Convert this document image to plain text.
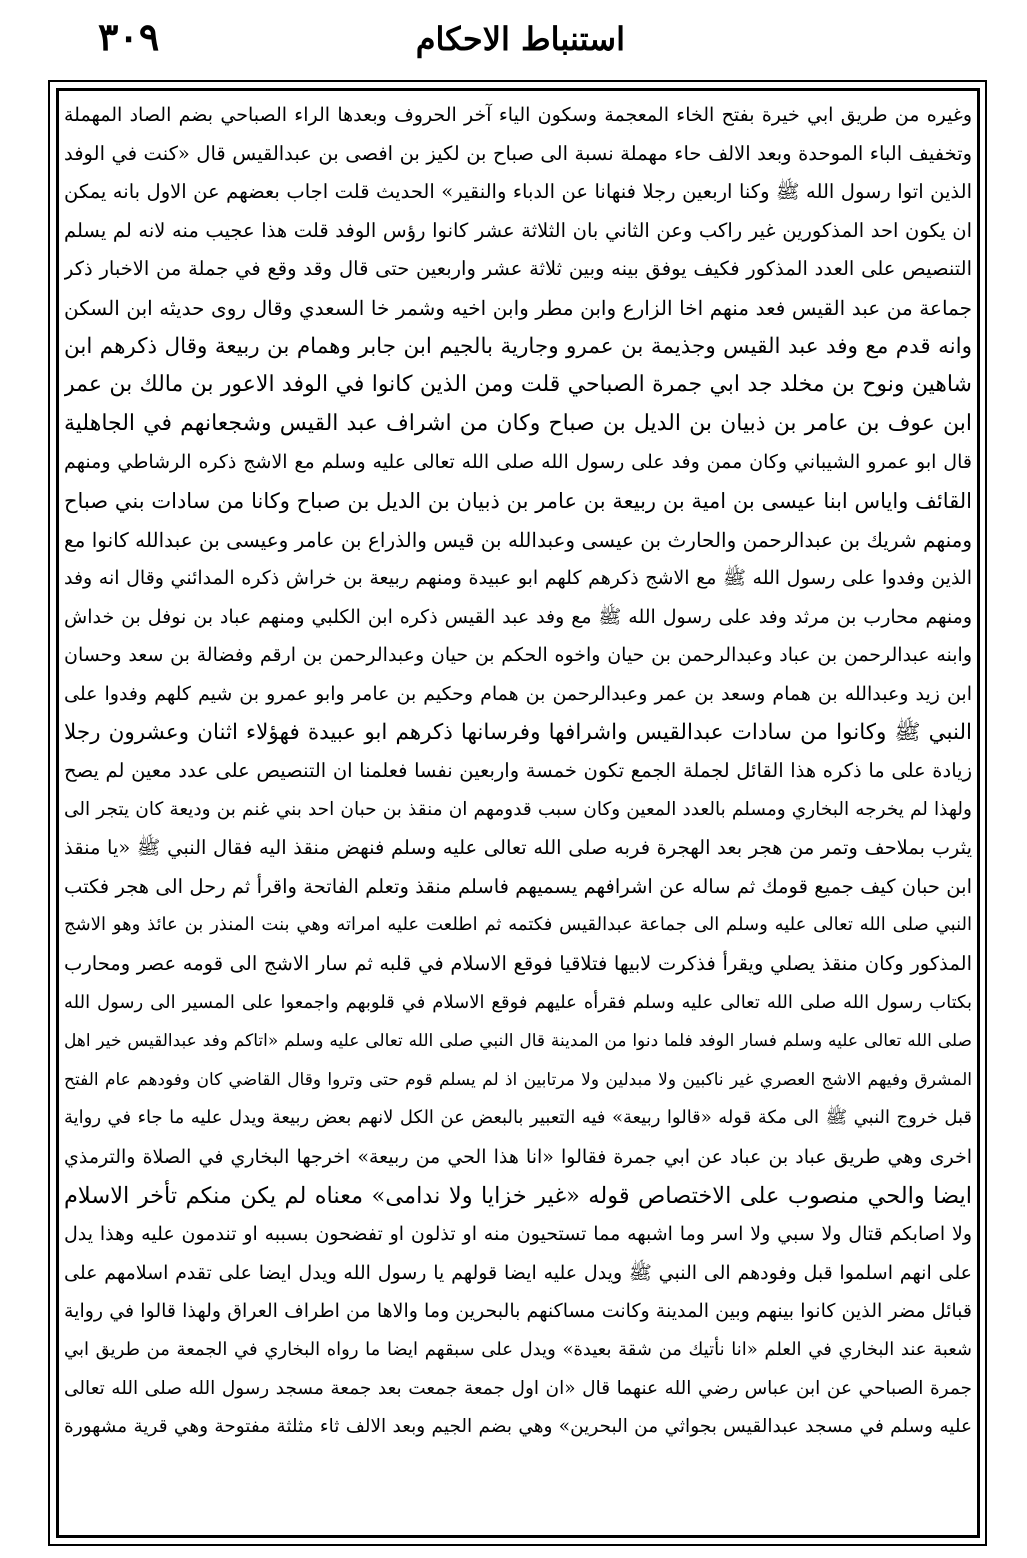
استنباط الاحكام
٣٠٩
وغيره من طريق ابي خيرة بفتح الخاء المعجمة وسكون الياء آخر الحروف وبعدها الراء الصباحي بضم الصاد المهملة
وتخفيف الباء الموحدة وبعد الالف حاء مهملة نسبة الى صباح بن لكيز بن افصى بن عبدالقيس قال «كنت في الوفد
الذين اتوا رسول الله ﷺ وكنا اربعين رجلا فنهانا عن الدباء والنقير» الحديث قلت اجاب بعضهم عن الاول بانه يمكن
ان يكون احد المذكورين غير راكب وعن الثاني بان الثلاثة عشر كانوا رؤس الوفد قلت هذا عجيب منه لانه لم يسلم
التنصيص على العدد المذكور فكيف يوفق بينه وبين ثلاثة عشر واربعين حتى قال وقد وقع في جملة من الاخبار ذكر
جماعة من عبد القيس فعد منهم اخا الزارع وابن مطر وابن اخيه وشمر خا السعدي وقال روى حديثه ابن السكن
وانه قدم مع وفد عبد القيس وجذيمة بن عمرو وجارية بالجيم ابن جابر وهمام بن ربيعة وقال ذكرهم ابن
شاهين ونوح بن مخلد جد ابي جمرة الصباحي قلت ومن الذين كانوا في الوفد الاعور بن مالك بن عمر
ابن عوف بن عامر بن ذبيان بن الديل بن صباح وكان من اشراف عبد القيس وشجعانهم في الجاهلية
قال ابو عمرو الشيباني وكان ممن وفد على رسول الله صلى الله تعالى عليه وسلم مع الاشج ذكره الرشاطي ومنهم
القائف واياس ابنا عيسى بن امية بن ربيعة بن عامر بن ذبيان بن الديل بن صباح وكانا من سادات بني صباح
ومنهم شريك بن عبدالرحمن والحارث بن عيسى وعبدالله بن قيس والذراع بن عامر وعيسى بن عبدالله كانوا مع
الذين وفدوا على رسول الله ﷺ مع الاشج ذكرهم كلهم ابو عبيدة ومنهم ربيعة بن خراش ذكره المدائني وقال انه وفد
ومنهم محارب بن مرثد وفد على رسول الله ﷺ مع وفد عبد القيس ذكره ابن الكلبي ومنهم عباد بن نوفل بن خداش
وابنه عبدالرحمن بن عباد وعبدالرحمن بن حيان واخوه الحكم بن حيان وعبدالرحمن بن ارقم وفضالة بن سعد وحسان
ابن زيد وعبدالله بن همام وسعد بن عمر وعبدالرحمن بن همام وحكيم بن عامر وابو عمرو بن شيم كلهم وفدوا على
النبي ﷺ وكانوا من سادات عبدالقيس واشرافها وفرسانها ذكرهم ابو عبيدة فهؤلاء اثنان وعشرون رجلا
زيادة على ما ذكره هذا القائل لجملة الجمع تكون خمسة واربعين نفسا فعلمنا ان التنصيص على عدد معين لم يصح
ولهذا لم يخرجه البخاري ومسلم بالعدد المعين وكان سبب قدومهم ان منقذ بن حبان احد بني غنم بن وديعة كان يتجر الى
يثرب بملاحف وتمر من هجر بعد الهجرة فربه صلى الله تعالى عليه وسلم فنهض منقذ اليه فقال النبي ﷺ «يا منقذ
ابن حبان كيف جميع قومك ثم ساله عن اشرافهم يسميهم فاسلم منقذ وتعلم الفاتحة واقرأ ثم رحل الى هجر فكتب
النبي صلى الله تعالى عليه وسلم الى جماعة عبدالقيس فكتمه ثم اطلعت عليه امراته وهي بنت المنذر بن عائذ وهو الاشج
المذكور وكان منقذ يصلي ويقرأ فذكرت لابيها فتلاقيا فوقع الاسلام في قلبه ثم سار الاشج الى قومه عصر ومحارب
بكتاب رسول الله صلى الله تعالى عليه وسلم فقرأه عليهم فوقع الاسلام في قلوبهم واجمعوا على المسير الى رسول الله
صلى الله تعالى عليه وسلم فسار الوفد فلما دنوا من المدينة قال النبي صلى الله تعالى عليه وسلم «اتاكم وفد عبدالقيس خير اهل
المشرق وفيهم الاشج العصري غير ناكبين ولا مبدلين ولا مرتابين اذ لم يسلم قوم حتى وتروا وقال القاضي كان وفودهم عام الفتح
قبل خروج النبي ﷺ الى مكة قوله «قالوا ربيعة» فيه التعبير بالبعض عن الكل لانهم بعض ربيعة ويدل عليه ما جاء في رواية
اخرى وهي طريق عباد بن عباد عن ابي جمرة فقالوا «انا هذا الحي من ربيعة» اخرجها البخاري في الصلاة والترمذي
ايضا والحي منصوب على الاختصاص قوله «غير خزايا ولا ندامى» معناه لم يكن منكم تأخر الاسلام
ولا اصابكم قتال ولا سبي ولا اسر وما اشبهه مما تستحيون منه او تذلون او تفضحون بسببه او تندمون عليه وهذا يدل
على انهم اسلموا قبل وفودهم الى النبي ﷺ ويدل عليه ايضا قولهم يا رسول الله ويدل ايضا على تقدم اسلامهم على
قبائل مضر الذين كانوا بينهم وبين المدينة وكانت مساكنهم بالبحرين وما والاها من اطراف العراق ولهذا قالوا في رواية
شعبة عند البخاري في العلم «انا نأتيك من شقة بعيدة» ويدل على سبقهم ايضا ما رواه البخاري في الجمعة من طريق ابي
جمرة الصباحي عن ابن عباس رضي الله عنهما قال «ان اول جمعة جمعت بعد جمعة مسجد رسول الله صلى الله تعالى
عليه وسلم في مسجد عبدالقيس بجواثي من البحرين» وهي بضم الجيم وبعد الالف ثاء مثلثة مفتوحة وهي قرية مشهورة
